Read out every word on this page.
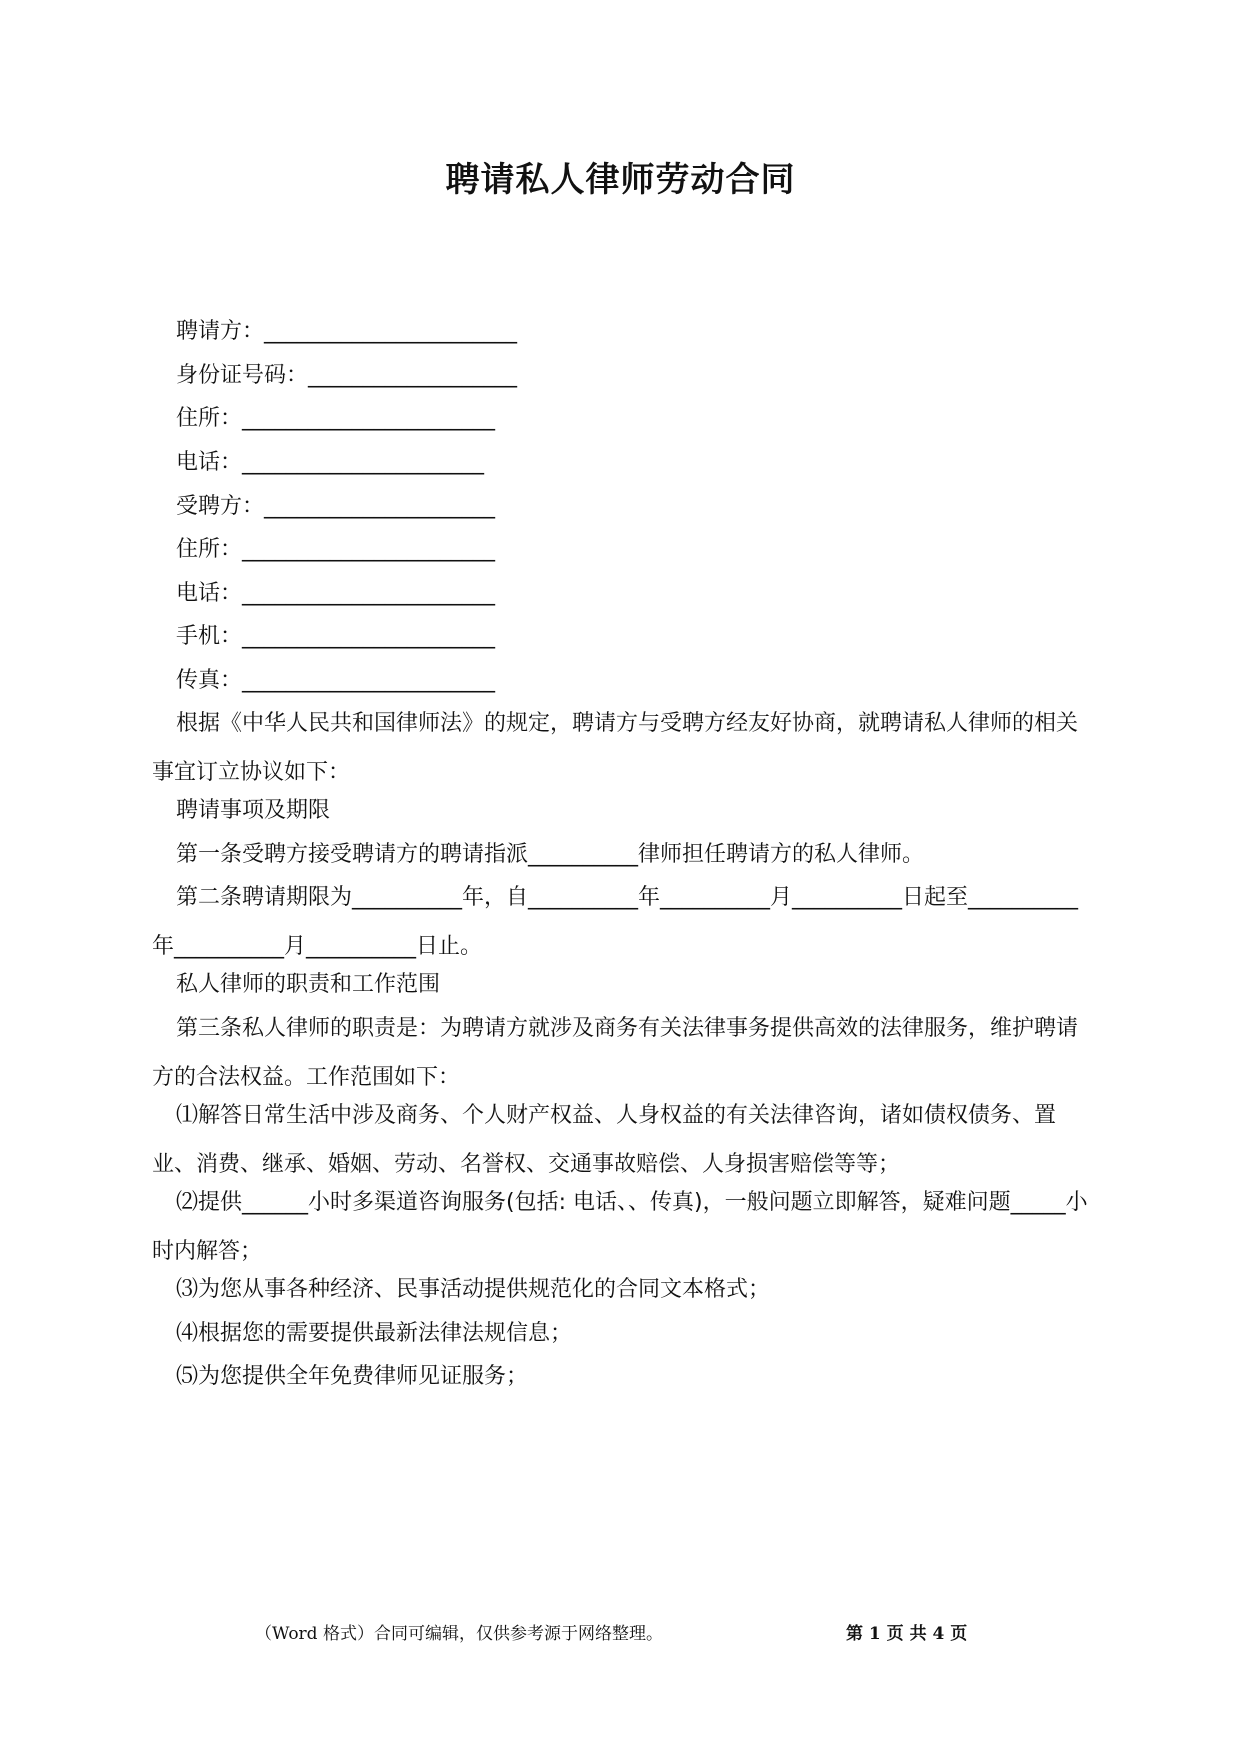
聘请私人律师劳动合同

聘请方：_______________________

身份证号码：___________________

住所：_______________________

电话：______________________

受聘方：_____________________

住所：_______________________

电话：_______________________

手机：_______________________

传真：_______________________

根据《中华人民共和国律师法》的规定，聘请方与受聘方经友好协商，就聘请私人律师的相关事宜订立协议如下：

聘请事项及期限

第一条受聘方接受聘请方的聘请指派__________律师担任聘请方的私人律师。

第二条聘请期限为__________年，自__________年__________月__________日起至__________年__________月__________日止。

私人律师的职责和工作范围

第三条私人律师的职责是：为聘请方就涉及商务有关法律事务提供高效的法律服务，维护聘请方的合法权益。工作范围如下：

⑴解答日常生活中涉及商务、个人财产权益、人身权益的有关法律咨询，诸如债权债务、置业、消费、继承、婚姻、劳动、名誉权、交通事故赔偿、人身损害赔偿等等；

⑵提供______小时多渠道咨询服务(包括: 电话、、传真)，一般问题立即解答，疑难问题_____小时内解答；

⑶为您从事各种经济、民事活动提供规范化的合同文本格式；

⑷根据您的需要提供最新法律法规信息；

⑸为您提供全年免费律师见证服务；

（Word 格式）合同可编辑，仅供参考源于网络整理。	第 1 页 共 4 页
